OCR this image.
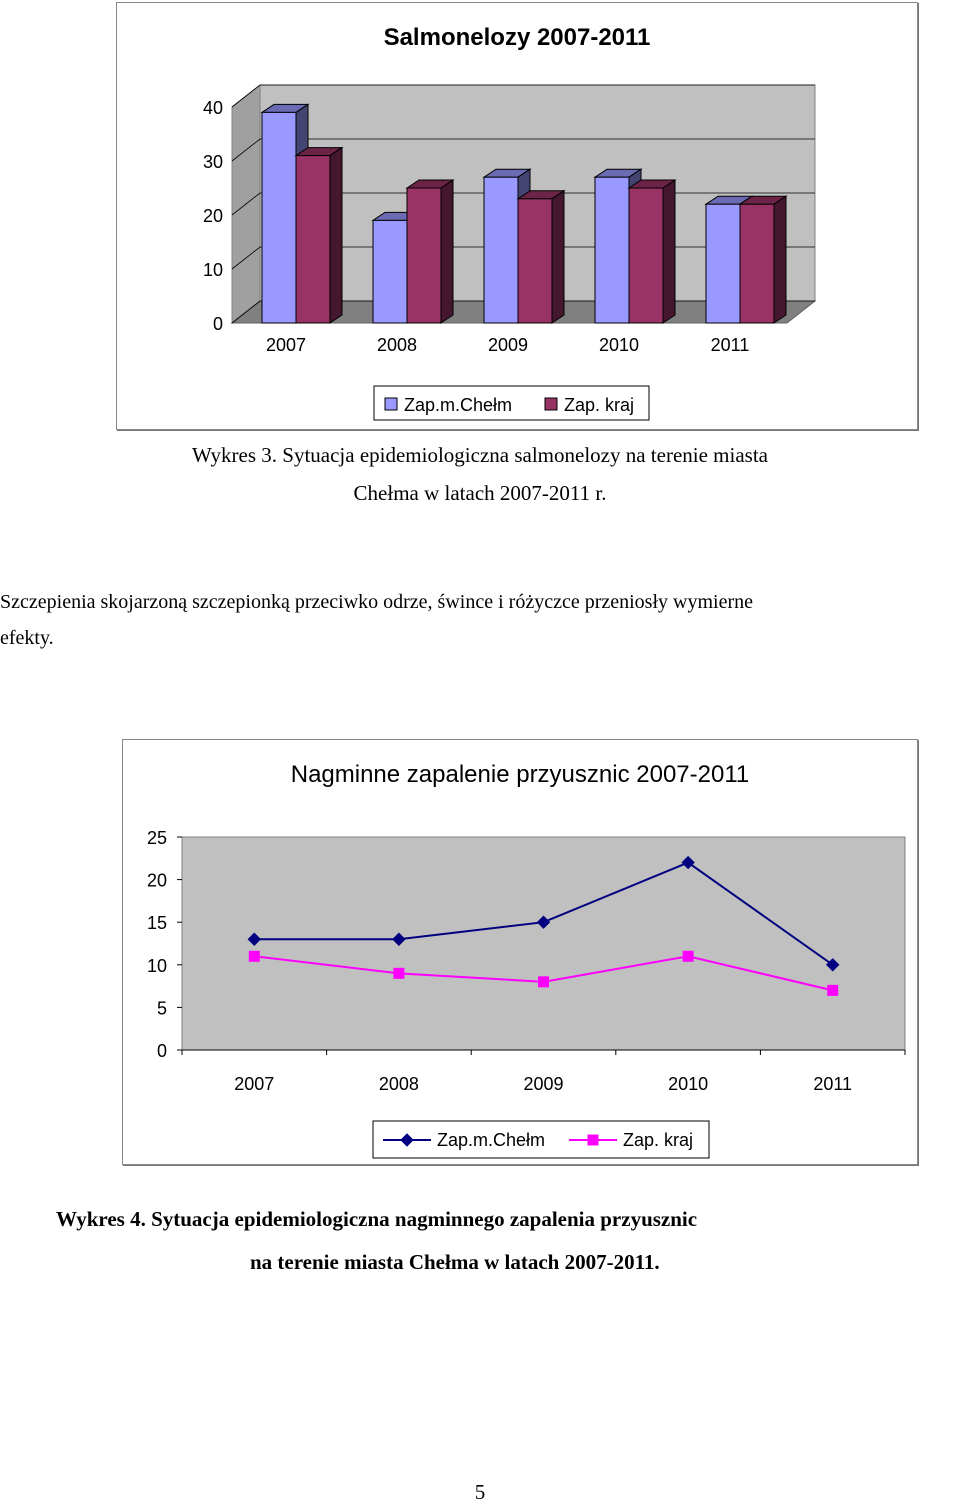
Salmonelozy 2007-2011
0
10
20
30
40
2007	2008	2009	2010	2011
Zap.m.Chełm	Zap. kraj
Wykres 3. Sytuacja epidemiologiczna salmonelozy na terenie miasta
Chełma w latach 2007-2011 r.
Szczepienia skojarzoną szczepionką przeciwko odrze, śwince i różyczce przeniosły wymierne
efekty.
Nagminne zapalenie przyusznic 2007-2011
0
5
10
15
20
25
2007	2008	2009	2010	2011
Zap.m.Chełm	Zap. kraj
Wykres 4. Sytuacja epidemiologiczna nagminnego zapalenia przyusznic
na terenie miasta Chełma w latach 2007-2011.
5
